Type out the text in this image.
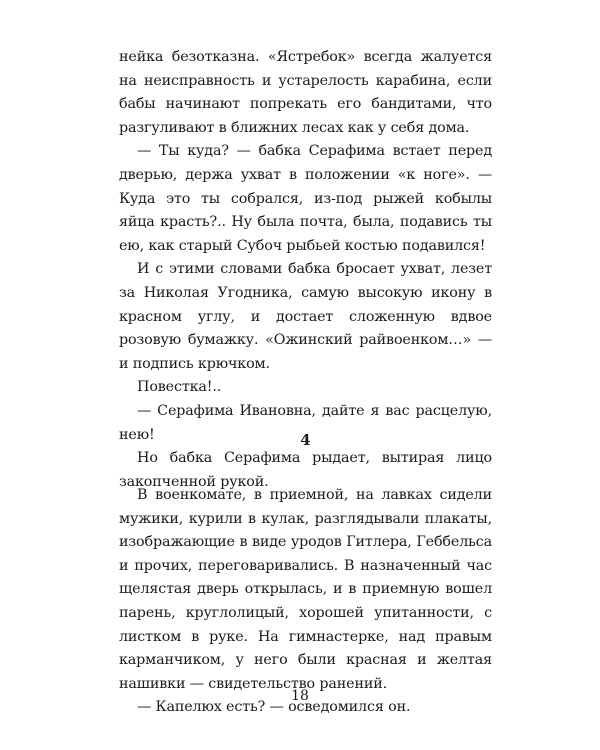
нейка безотказна. «Ястребок» всегда жалуется на неисправность и устарелость карабина, если бабы начинают попрекать его бандитами, что разгуливают в ближних лесах как у себя дома.

— Ты куда? — бабка Серафима встает перед дверью, держа ухват в положении «к ноге». — Куда это ты собрался, из-под рыжей кобылы яйца красть?.. Ну была почта, была, подавись ты ею, как старый Субоч рыбьей костью подавился!

И с этими словами бабка бросает ухват, лезет за Николая Угодника, самую высокую икону в красном углу, и достает сложенную вдвое розовую бумажку. «Ожинский райвоенком…» — и подпись крючком.

Повестка!..

— Серафима Ивановна, дайте я вас расцелую, нею!

Но бабка Серафима рыдает, вытирая лицо закопченной рукой.

4

В военкомате, в приемной, на лавках сидели мужики, курили в кулак, разглядывали плакаты, изображающие в виде уродов Гитлера, Геббельса и прочих, переговаривались. В назначенный час щелястая дверь открылась, и в приемную вошел парень, круглолицый, хорошей упитанности, с листком в руке. На гимнастерке, над правым карманчиком, у него были красная и желтая нашивки — свидетельство ранений.

— Капелюх есть? — осведомился он.

18
